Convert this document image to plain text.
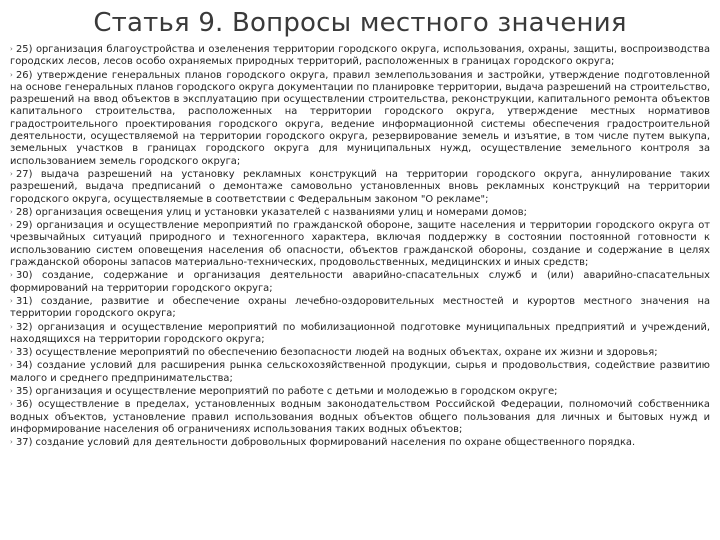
Статья 9. Вопросы местного значения

› 25) организация благоустройства и озеленения территории городского округа, использования, охраны, защиты, воспроизводства городских лесов, лесов особо охраняемых природных территорий, расположенных в границах городского округа;

› 26) утверждение генеральных планов городского округа, правил землепользования и застройки, утверждение подготовленной на основе генеральных планов городского округа документации по планировке территории, выдача разрешений на строительство, разрешений на ввод объектов в эксплуатацию при осуществлении строительства, реконструкции, капитального ремонта объектов капитального строительства, расположенных на территории городского округа, утверждение местных нормативов градостроительного проектирования городского округа, ведение информационной системы обеспечения градостроительной деятельности, осуществляемой на территории городского округа, резервирование земель и изъятие, в том числе путем выкупа, земельных участков в границах городского округа для муниципальных нужд, осуществление земельного контроля за использованием земель городского округа;

› 27) выдача разрешений на установку рекламных конструкций на территории городского округа, аннулирование таких разрешений, выдача предписаний о демонтаже самовольно установленных вновь рекламных конструкций на территории городского округа, осуществляемые в соответствии с Федеральным законом "О рекламе";

› 28) организация освещения улиц и установки указателей с названиями улиц и номерами домов;

› 29) организация и осуществление мероприятий по гражданской обороне, защите населения и территории городского округа от чрезвычайных ситуаций природного и техногенного характера, включая поддержку в состоянии постоянной готовности к использованию систем оповещения населения об опасности, объектов гражданской обороны, создание и содержание в целях гражданской обороны запасов материально-технических, продовольственных, медицинских и иных средств;

› 30) создание, содержание и организация деятельности аварийно-спасательных служб и (или) аварийно-спасательных формирований на территории городского округа;

› 31) создание, развитие и обеспечение охраны лечебно-оздоровительных местностей и курортов местного значения на территории городского округа;

› 32) организация и осуществление мероприятий по мобилизационной подготовке муниципальных предприятий и учреждений, находящихся на территории городского округа;

› 33) осуществление мероприятий по обеспечению безопасности людей на водных объектах, охране их жизни и здоровья;

› 34) создание условий для расширения рынка сельскохозяйственной продукции, сырья и продовольствия, содействие развитию малого и среднего предпринимательства;

› 35) организация и осуществление мероприятий по работе с детьми и молодежью в городском округе;

› 36) осуществление в пределах, установленных водным законодательством Российской Федерации, полномочий собственника водных объектов, установление правил использования водных объектов общего пользования для личных и бытовых нужд и информирование населения об ограничениях использования таких водных объектов;

› 37) создание условий для деятельности добровольных формирований населения по охране общественного порядка.
